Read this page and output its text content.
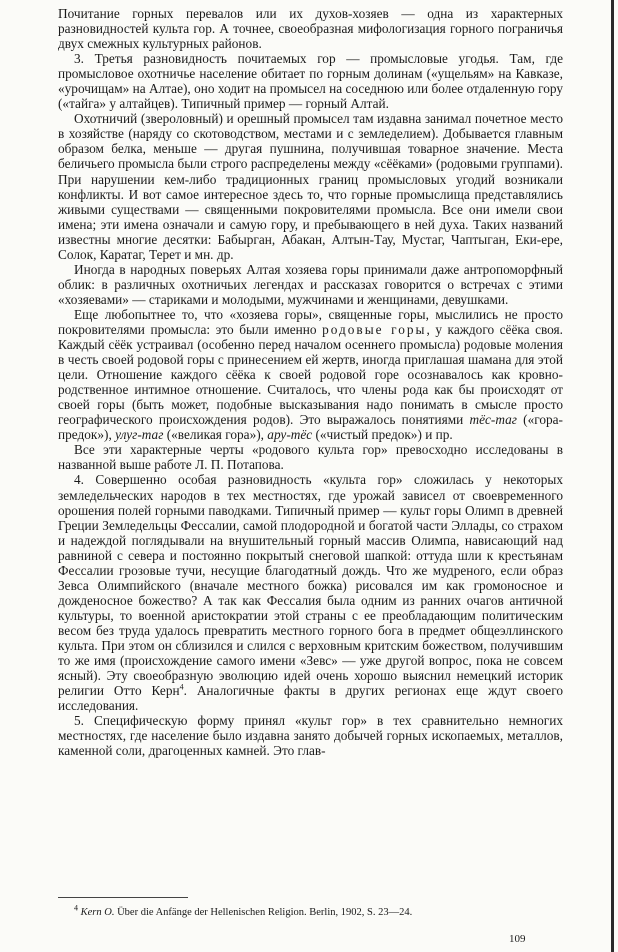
Почитание горных перевалов или их духов-хозяев — одна из характерных разновидностей культа гор. А точнее, своеобразная мифологизация горного пограничья двух смежных культурных районов.

3. Третья разновидность почитаемых гор — промысловые угодья. Там, где промысловое охотничье население обитает по горным долинам («ущельям» на Кавказе, «урочищам» на Алтае), оно ходит на промысел на соседнюю или более отдаленную гору («тайга» у алтайцев). Типичный пример — горный Алтай.

Охотничий (звероловный) и орешный промысел там издавна занимал почетное место в хозяйстве (наряду со скотоводством, местами и с земледелием). Добывается главным образом белка, меньше — другая пушнина, получившая товарное значение. Места беличьего промысла были строго распределены между «сёёками» (родовыми группами). При нарушении кем-либо традиционных границ промысловых угодий возникали конфликты. И вот самое интересное здесь то, что горные промыслища представлялись живыми существами — священными покровителями промысла. Все они имели свои имена; эти имена означали и самую гору, и пребывающего в ней духа. Таких названий известны многие десятки: Бабырган, Абакан, Алтын-Тау, Мустаг, Чаптыган, Еки-ере, Солок, Каратаг, Терет и мн. др.

Иногда в народных поверьях Алтая хозяева горы принимали даже антропоморфный облик: в различных охотничьих легендах и рассказах говорится о встречах с этими «хозяевами» — стариками и молодыми, мужчинами и женщинами, девушками.

Еще любопытнее то, что «хозяева горы», священные горы, мыслились не просто покровителями промысла: это были именно родовые горы, у каждого сёёка своя. Каждый сёёк устраивал (особенно перед началом осеннего промысла) родовые моления в честь своей родовой горы с принесением ей жертв, иногда приглашая шамана для этой цели. Отношение каждого сёёка к своей родовой горе осознавалось как кровно-родственное интимное отношение. Считалось, что члены рода как бы происходят от своей горы (быть может, подобные высказывания надо понимать в смысле просто географического происхождения родов). Это выражалось понятиями тёс-таг («гора-предок»), улуг-таг («великая гора»), ару-тёс («чистый предок») и пр.

Все эти характерные черты «родового культа гор» превосходно исследованы в названной выше работе Л. П. Потапова.

4. Совершенно особая разновидность «культа гор» сложилась у некоторых земледельческих народов в тех местностях, где урожай зависел от своевременного орошения полей горными паводками. Типичный пример — культ горы Олимп в древней Греции Земледельцы Фессалии, самой плодородной и богатой части Эллады, со страхом и надеждой поглядывали на внушительный горный массив Олимпа, нависающий над равниной с севера и постоянно покрытый снеговой шапкой: оттуда шли к крестьянам Фессалии грозовые тучи, несущие благодатный дождь. Что же мудреного, если образ Зевса Олимпийского (вначале местного божка) рисовался им как громоносное и дожденосное божество? А так как Фессалия была одним из ранних очагов античной культуры, то военной аристократии этой страны с ее преобладающим политическим весом без труда удалось превратить местного горного бога в предмет общеэллинского культа. При этом он сблизился и слился с верховным критским божеством, получившим то же имя (происхождение самого имени «Зевс» — уже другой вопрос, пока не совсем ясный). Эту своеобразную эволюцию идей очень хорошо выяснил немецкий историк религии Отто Керн$^4$. Аналогичные факты в других регионах еще ждут своего исследования.

5. Специфическую форму принял «культ гор» в тех сравнительно немногих местностях, где население было издавна занято добычей горных ископаемых, металлов, каменной соли, драгоценных камней. Это глав-

$^4$ Kern O. Über die Anfänge der Hellenischen Religion. Berlin, 1902, S. 23—24.
109
